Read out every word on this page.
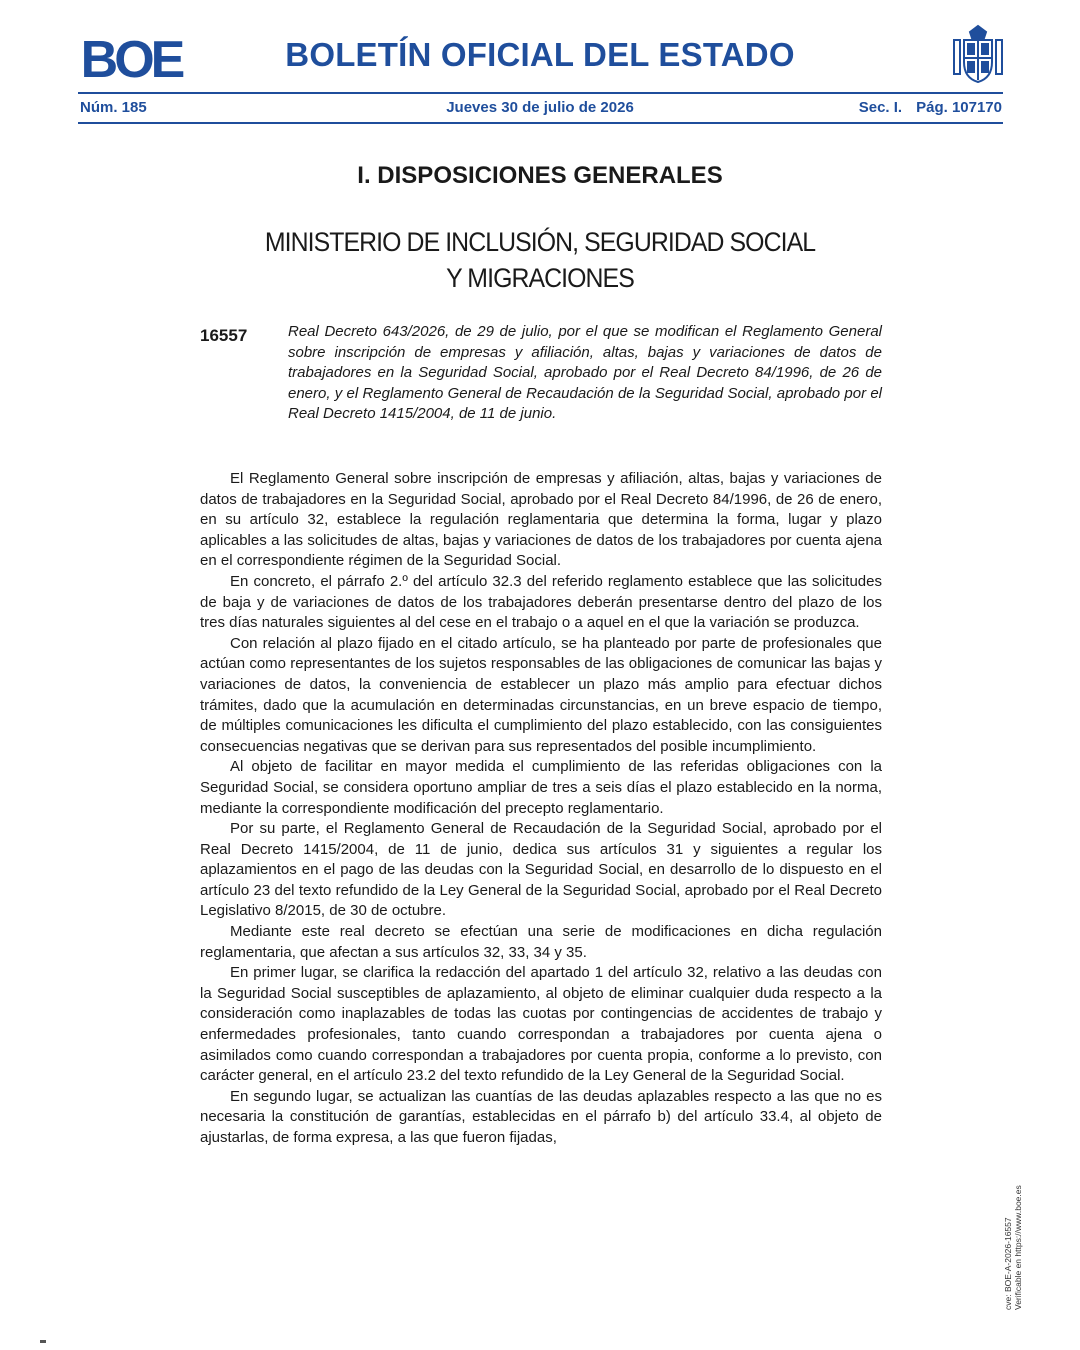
BOE	BOLETÍN OFICIAL DEL ESTADO
Núm. 185	Jueves 30 de julio de 2026	Sec. I. Pág. 107170
I. DISPOSICIONES GENERALES
MINISTERIO DE INCLUSIÓN, SEGURIDAD SOCIAL
Y MIGRACIONES
16557	Real Decreto 643/2026, de 29 de julio, por el que se modifican el Reglamento General sobre inscripción de empresas y afiliación, altas, bajas y variaciones de datos de trabajadores en la Seguridad Social, aprobado por el Real Decreto 84/1996, de 26 de enero, y el Reglamento General de Recaudación de la Seguridad Social, aprobado por el Real Decreto 1415/2004, de 11 de junio.

El Reglamento General sobre inscripción de empresas y afiliación, altas, bajas y variaciones de datos de trabajadores en la Seguridad Social, aprobado por el Real Decreto 84/1996, de 26 de enero, en su artículo 32, establece la regulación reglamentaria que determina la forma, lugar y plazo aplicables a las solicitudes de altas, bajas y variaciones de datos de los trabajadores por cuenta ajena en el correspondiente régimen de la Seguridad Social.

En concreto, el párrafo 2.º del artículo 32.3 del referido reglamento establece que las solicitudes de baja y de variaciones de datos de los trabajadores deberán presentarse dentro del plazo de los tres días naturales siguientes al del cese en el trabajo o a aquel en el que la variación se produzca.

Con relación al plazo fijado en el citado artículo, se ha planteado por parte de profesionales que actúan como representantes de los sujetos responsables de las obligaciones de comunicar las bajas y variaciones de datos, la conveniencia de establecer un plazo más amplio para efectuar dichos trámites, dado que la acumulación en determinadas circunstancias, en un breve espacio de tiempo, de múltiples comunicaciones les dificulta el cumplimiento del plazo establecido, con las consiguientes consecuencias negativas que se derivan para sus representados del posible incumplimiento.

Al objeto de facilitar en mayor medida el cumplimiento de las referidas obligaciones con la Seguridad Social, se considera oportuno ampliar de tres a seis días el plazo establecido en la norma, mediante la correspondiente modificación del precepto reglamentario.

Por su parte, el Reglamento General de Recaudación de la Seguridad Social, aprobado por el Real Decreto 1415/2004, de 11 de junio, dedica sus artículos 31 y siguientes a regular los aplazamientos en el pago de las deudas con la Seguridad Social, en desarrollo de lo dispuesto en el artículo 23 del texto refundido de la Ley General de la Seguridad Social, aprobado por el Real Decreto Legislativo 8/2015, de 30 de octubre.

Mediante este real decreto se efectúan una serie de modificaciones en dicha regulación reglamentaria, que afectan a sus artículos 32, 33, 34 y 35.

En primer lugar, se clarifica la redacción del apartado 1 del artículo 32, relativo a las deudas con la Seguridad Social susceptibles de aplazamiento, al objeto de eliminar cualquier duda respecto a la consideración como inaplazables de todas las cuotas por contingencias de accidentes de trabajo y enfermedades profesionales, tanto cuando correspondan a trabajadores por cuenta ajena o asimilados como cuando correspondan a trabajadores por cuenta propia, conforme a lo previsto, con carácter general, en el artículo 23.2 del texto refundido de la Ley General de la Seguridad Social.

En segundo lugar, se actualizan las cuantías de las deudas aplazables respecto a las que no es necesaria la constitución de garantías, establecidas en el párrafo b) del artículo 33.4, al objeto de ajustarlas, de forma expresa, a las que fueron fijadas,

cve: BOE-A-2026-16557 Verificable en https://www.boe.es
